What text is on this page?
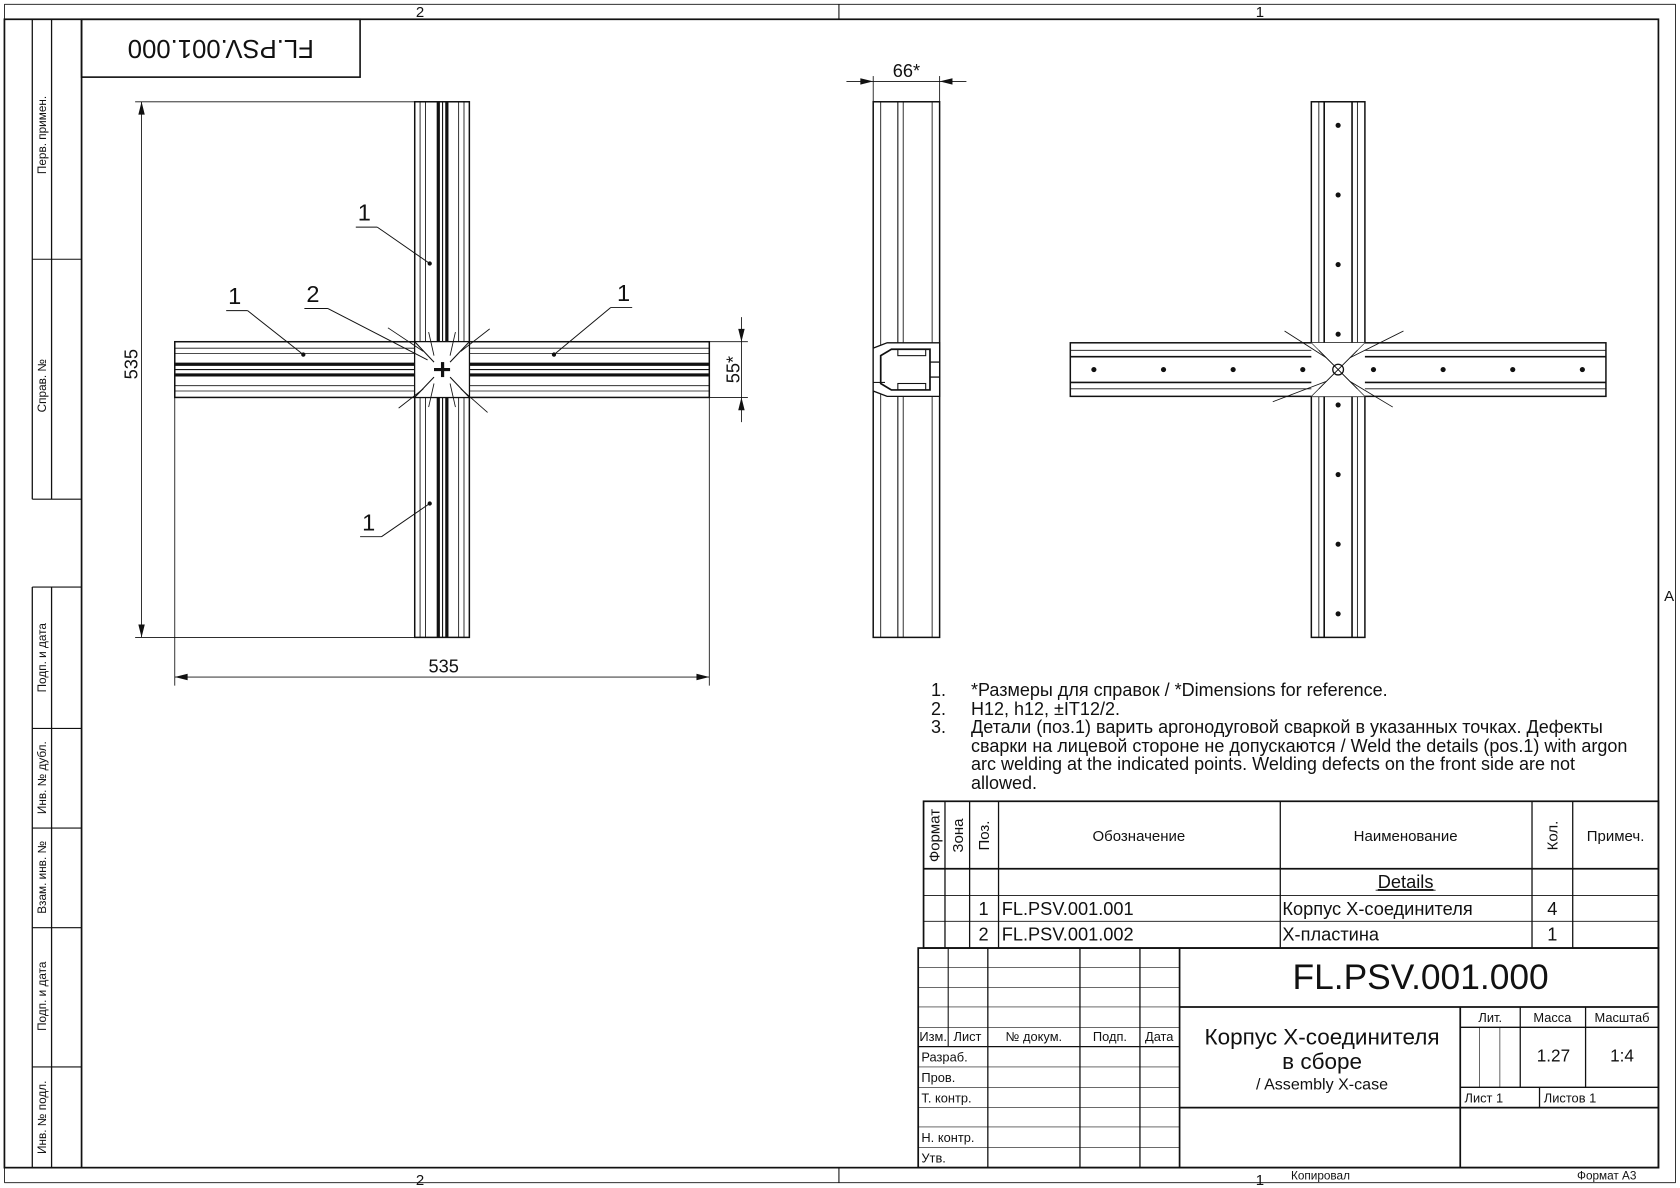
2	1
2	1
A
Перв. примен.
Справ. №
Подп. и дата
Инв. № дубл.
Взам. инв. №
Подп. и дата
Инв. № подл.
FL.PSV.001.000
1
1	2	1
1
535
535
55*
66*
Формат Зона Поз.	Обозначение	Наименование	Кол. Примеч.
Details
1 FL.PSV.001.001	Корпус X-соединителя	4
2 FL.PSV.001.002	X-пластина	1
Изм. Лист № докум.	Подп. Дата
Разраб.
Пров.
Т. контр.
Н. контр.
Утв.
Лит.	Масса Масштаб
Лист 1	Листов 1
1.27 1:4
FL.PSV.001.000
Корпус X-соединителя
в сборе
/ Assembly X-case
Копировал	Формат А3
1.	*Размеры для справок / *Dimensions for reference.
2.	H12, h12, ±IT12/2.
3.	Детали (поз.1) варить аргонодуговой сваркой в указанных точках. Дефекты сварки на лицевой стороне не допускаются / Weld the details (pos.1) with argon arc welding at the indicated points. Welding defects on the front side are not allowed.
